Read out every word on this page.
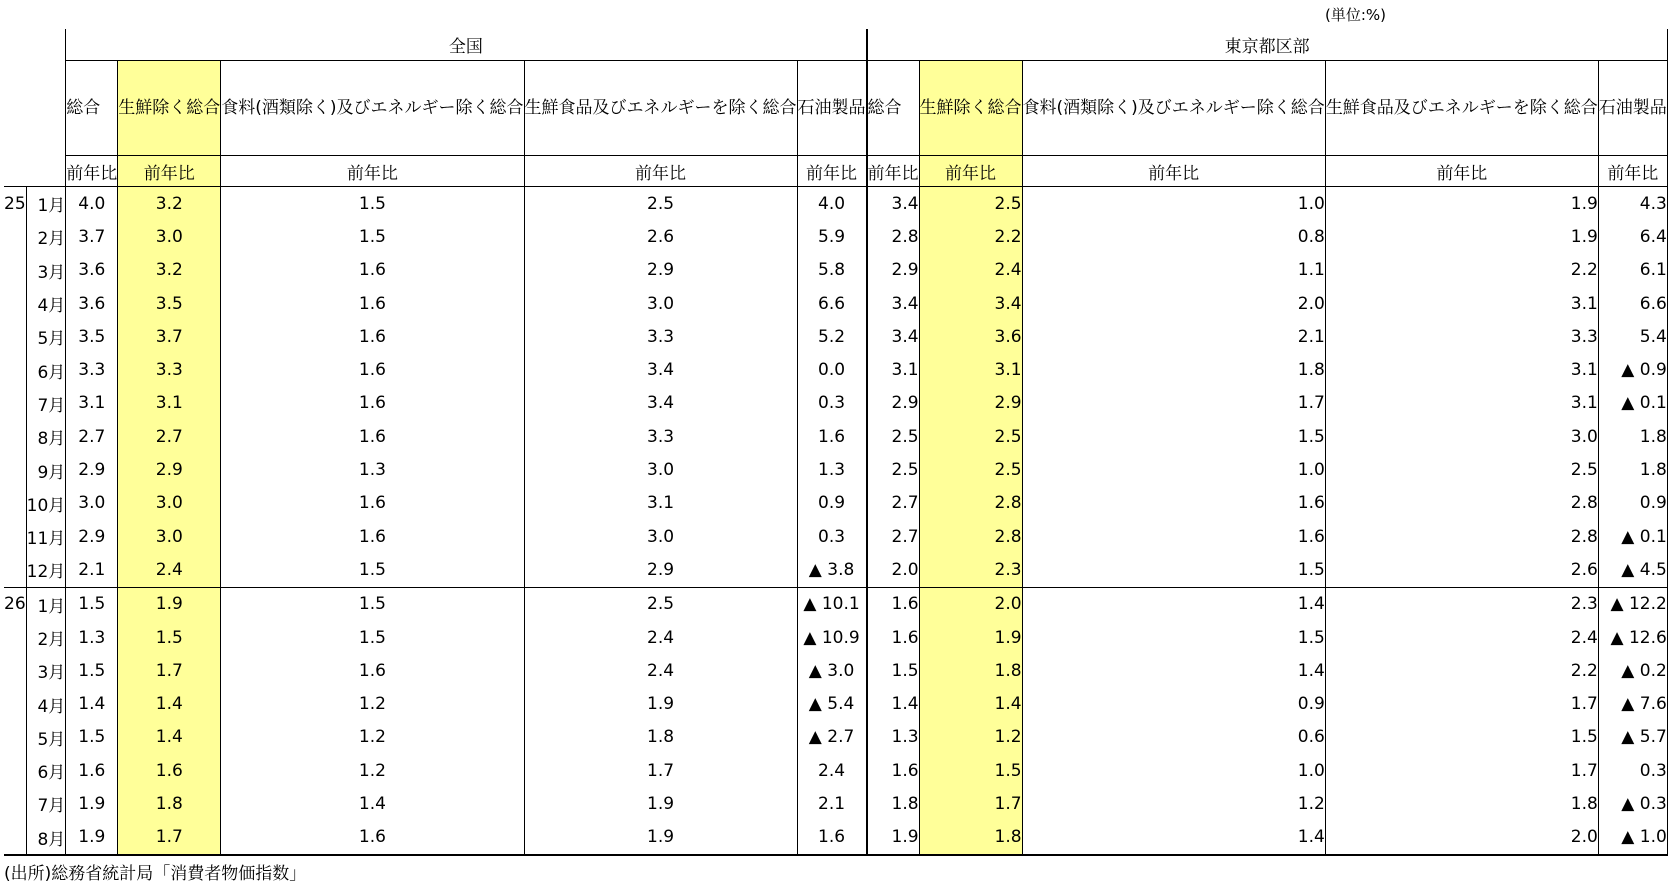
(単位:%)
		全国					東京都区部				

		総合	生鮮除く総合	食料(酒類除く)及びエネルギー除く総合	生鮮食品及びエネルギーを除く総合	石油製品	総合	生鮮除く総合	食料(酒類除く)及びエネルギー除く総合	生鮮食品及びエネルギーを除く総合	石油製品

		前年比	前年比	前年比	前年比	前年比	前年比	前年比	前年比	前年比	前年比
25	1月	4.0	3.2	1.5	2.5	4.0	3.4	2.5	1.0	1.9	4.3
	2月	3.7	3.0	1.5	2.6	5.9	2.8	2.2	0.8	1.9	6.4
	3月	3.6	3.2	1.6	2.9	5.8	2.9	2.4	1.1	2.2	6.1
	4月	3.6	3.5	1.6	3.0	6.6	3.4	3.4	2.0	3.1	6.6
	5月	3.5	3.7	1.6	3.3	5.2	3.4	3.6	2.1	3.3	5.4
	6月	3.3	3.3	1.6	3.4	0.0	3.1	3.1	1.8	3.1	▲ 0.9
	7月	3.1	3.1	1.6	3.4	0.3	2.9	2.9	1.7	3.1	▲ 0.1
	8月	2.7	2.7	1.6	3.3	1.6	2.5	2.5	1.5	3.0	1.8
	9月	2.9	2.9	1.3	3.0	1.3	2.5	2.5	1.0	2.5	1.8
	10月	3.0	3.0	1.6	3.1	0.9	2.7	2.8	1.6	2.8	0.9
	11月	2.9	3.0	1.6	3.0	0.3	2.7	2.8	1.6	2.8	▲ 0.1
	12月	2.1	2.4	1.5	2.9	▲ 3.8	2.0	2.3	1.5	2.6	▲ 4.5
26	1月	1.5	1.9	1.5	2.5	▲ 10.1	1.6	2.0	1.4	2.3	▲ 12.2
	2月	1.3	1.5	1.5	2.4	▲ 10.9	1.6	1.9	1.5	2.4	▲ 12.6
	3月	1.5	1.7	1.6	2.4	▲ 3.0	1.5	1.8	1.4	2.2	▲ 0.2
	4月	1.4	1.4	1.2	1.9	▲ 5.4	1.4	1.4	0.9	1.7	▲ 7.6
	5月	1.5	1.4	1.2	1.8	▲ 2.7	1.3	1.2	0.6	1.5	▲ 5.7
	6月	1.6	1.6	1.2	1.7	2.4	1.6	1.5	1.0	1.7	0.3
	7月	1.9	1.8	1.4	1.9	2.1	1.8	1.7	1.2	1.8	▲ 0.3
	8月	1.9	1.7	1.6	1.9	1.6	1.9	1.8	1.4	2.0	▲ 1.0
(出所)総務省統計局「消費者物価指数」
